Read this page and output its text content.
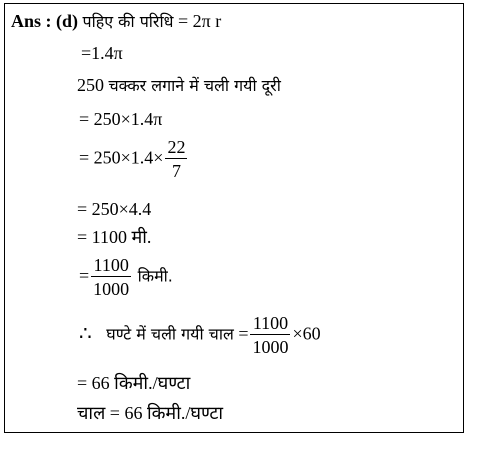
Ans : (d) पहिए की परिधि = 2π r
=1.4π
250 चक्कर लगाने में चली गयी दूरी
= 250×1.4π
= $250\times 1.4\times \frac{22}{7}$
= 250×4.4
= 1100 मी.
= $\frac{1100}{1000}$ किमी.
∴ घण्टे में चली गयी चाल = $\frac{1100}{1000} \times 60$
= 66 किमी./घण्टा
चाल = 66 किमी./घण्टा
